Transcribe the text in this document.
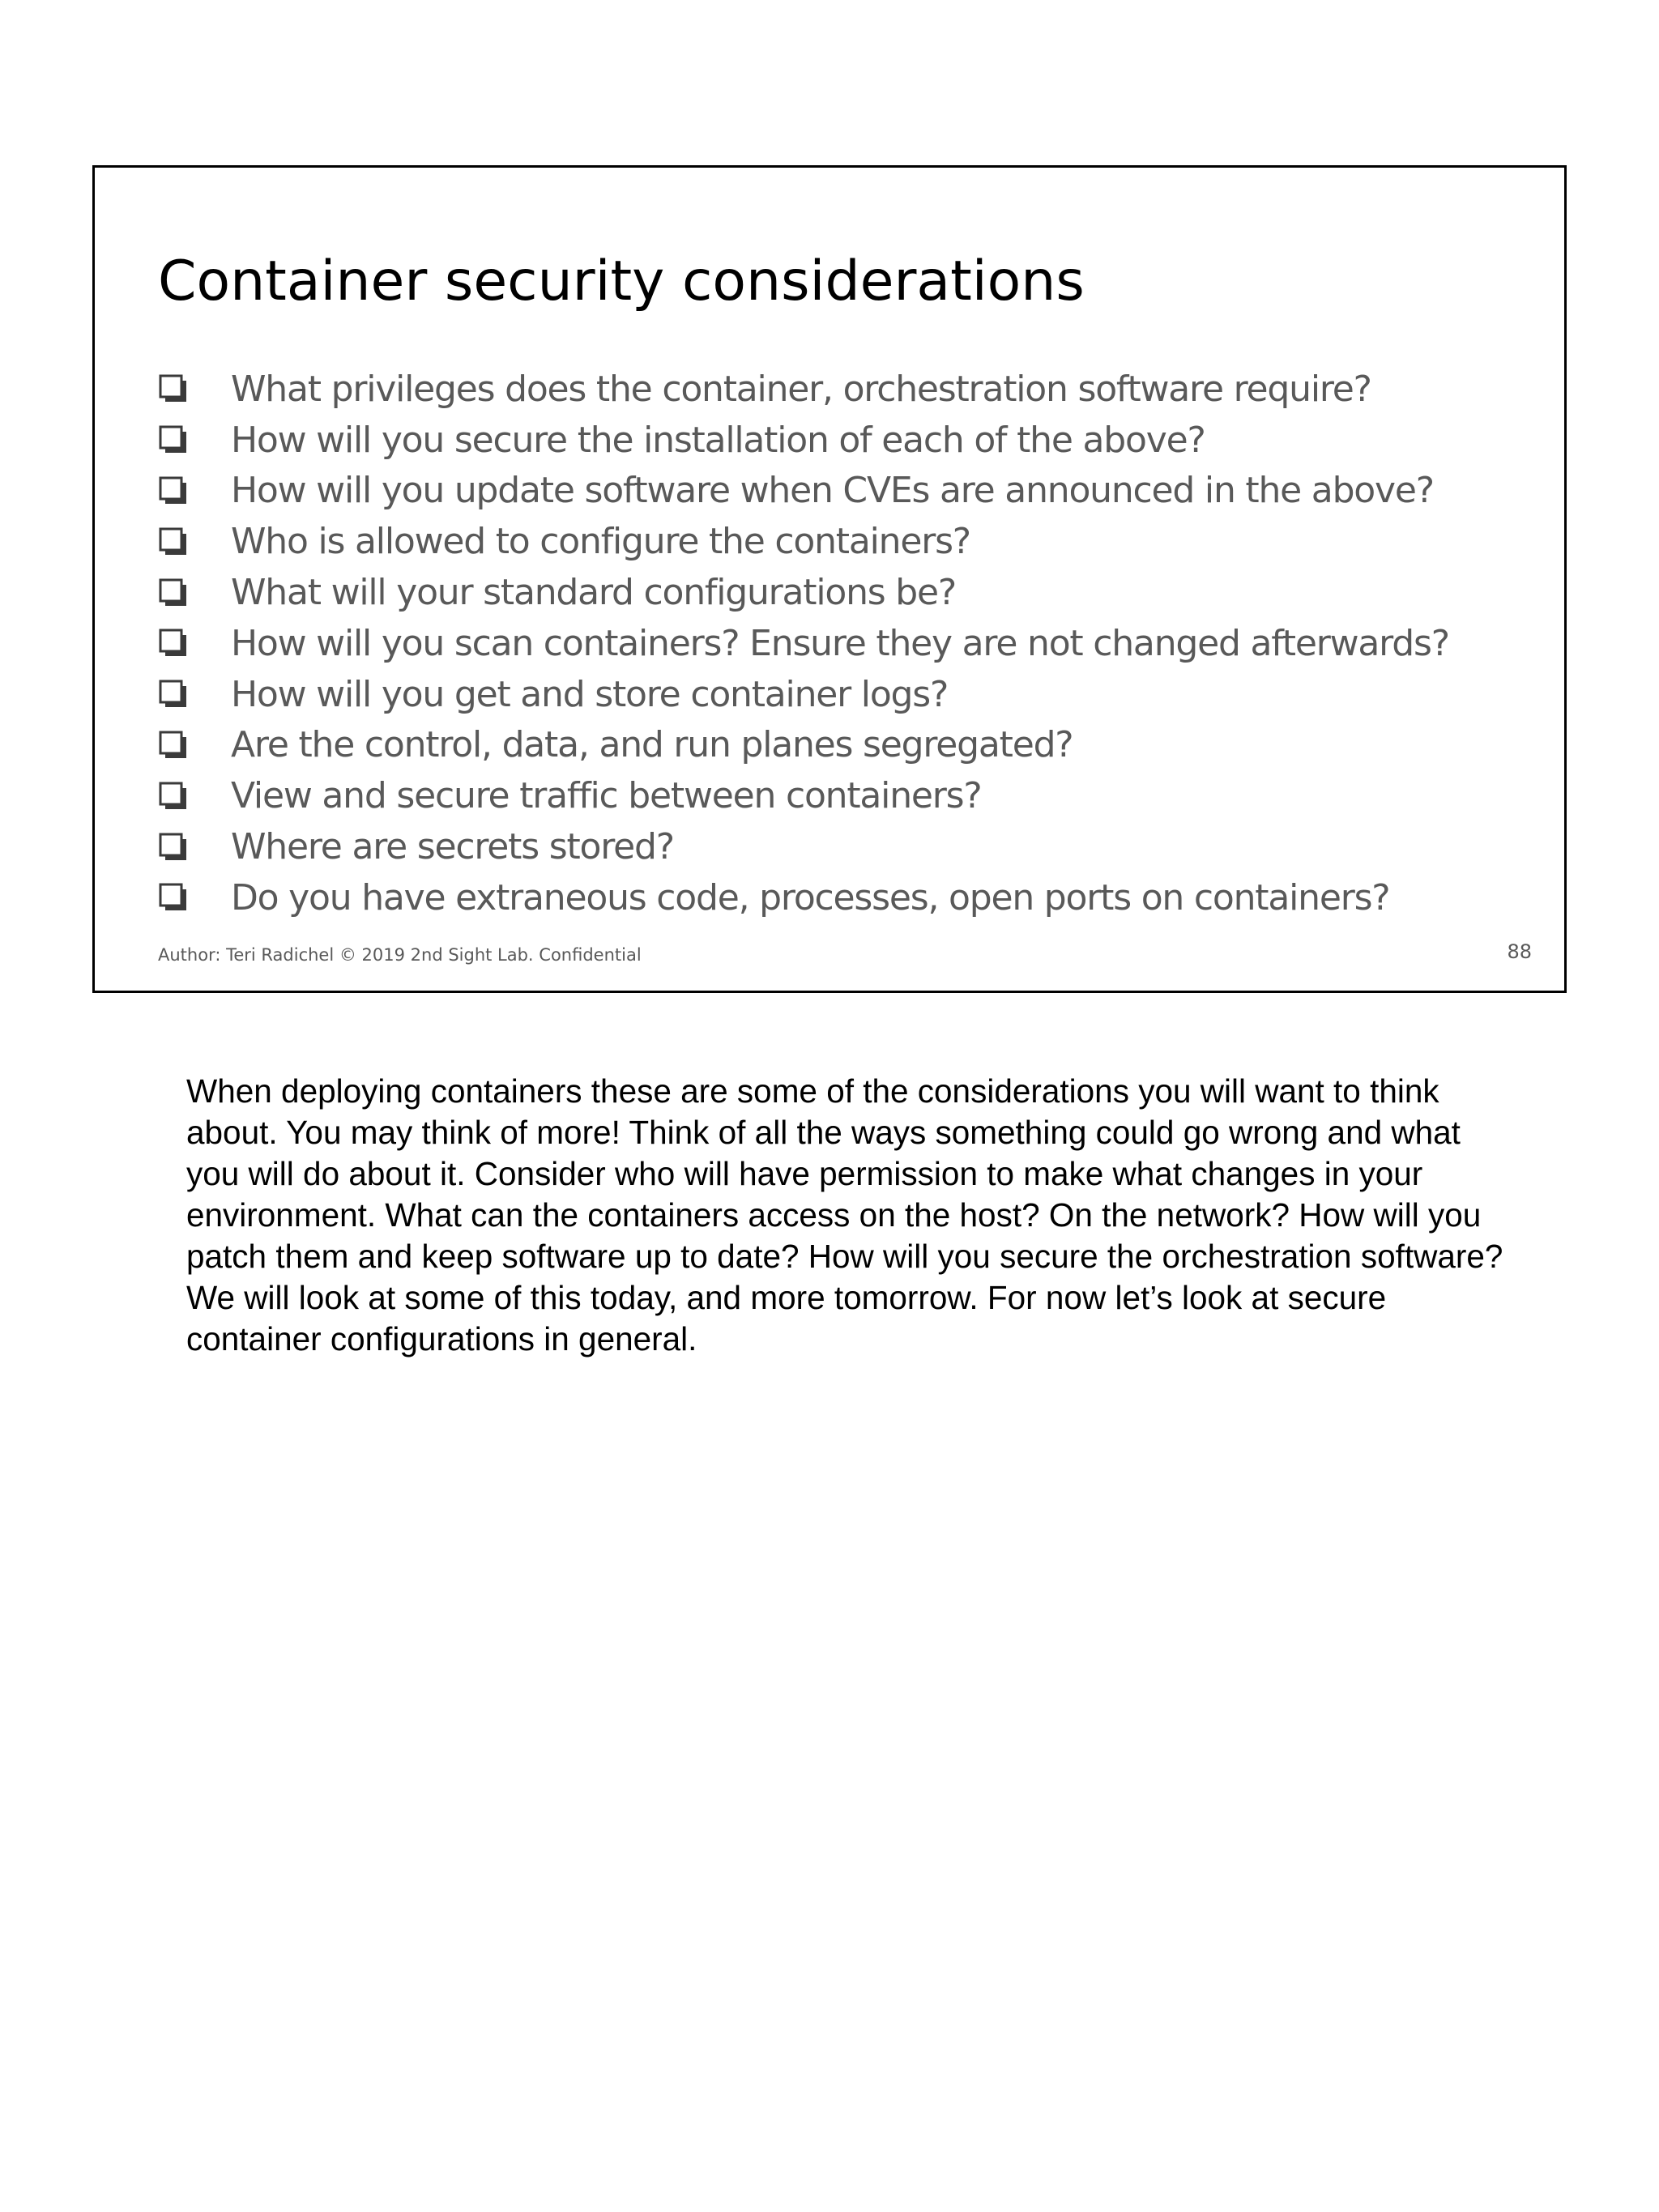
Container security considerations
What privileges does the container, orchestration software require?
How will you secure the installation of each of the above?
How will you update software when CVEs are announced in the above?
Who is allowed to configure the containers?
What will your standard configurations be?
How will you scan containers? Ensure they are not changed afterwards?
How will you get and store container logs?
Are the control, data, and run planes segregated?
View and secure traffic between containers?
Where are secrets stored?
Do you have extraneous code, processes, open ports on containers?
Author: Teri Radichel © 2019 2nd Sight Lab. Confidential	88

When deploying containers these are some of the considerations you will want to think about. You may think of more! Think of all the ways something could go wrong and what you will do about it. Consider who will have permission to make what changes in your environment. What can the containers access on the host? On the network? How will you patch them and keep software up to date? How will you secure the orchestration software? We will look at some of this today, and more tomorrow. For now let’s look at secure container configurations in general.
